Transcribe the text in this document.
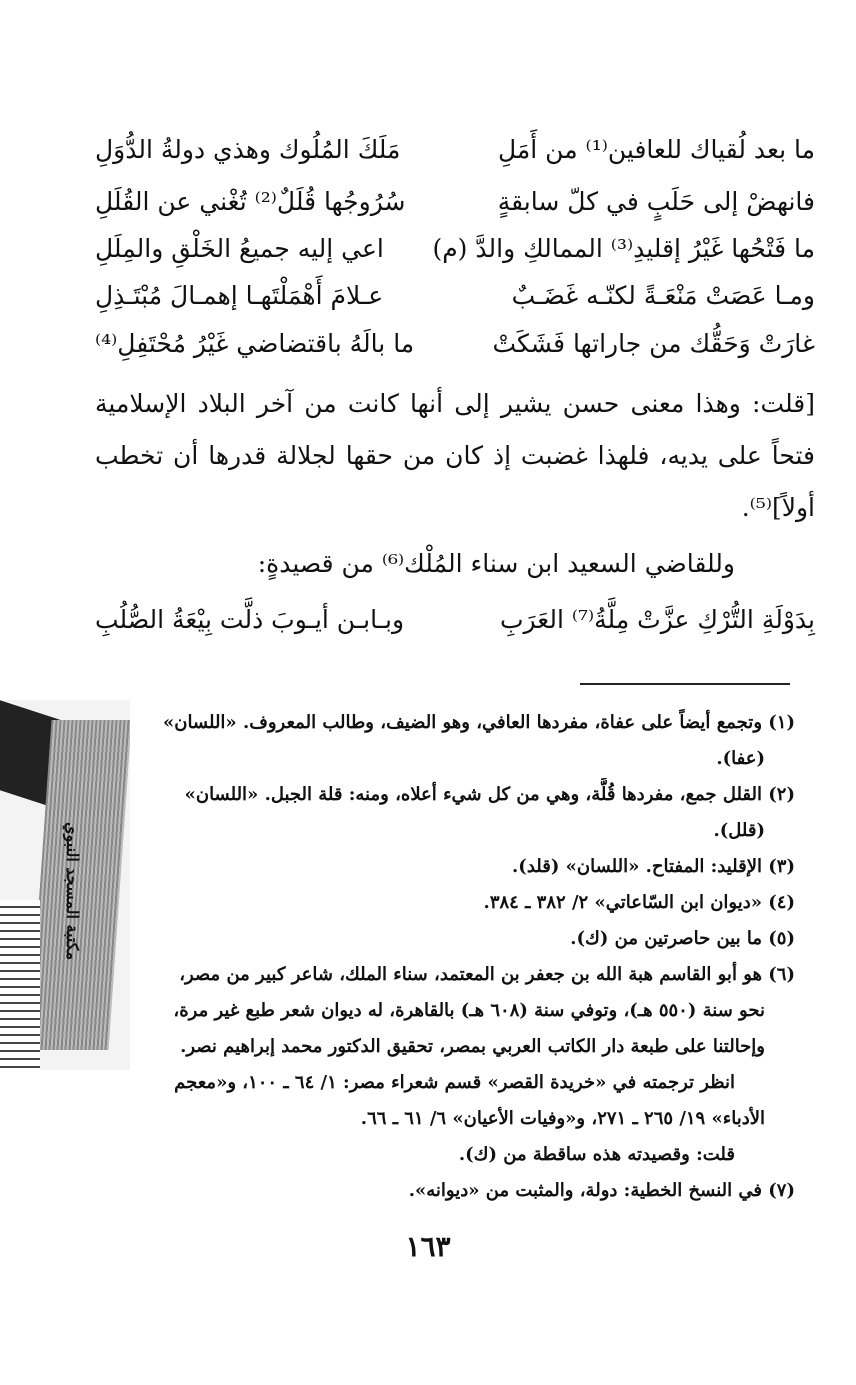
ما بعد لُقياك للعافين⁽¹⁾ من أَمَلِ
مَلَكَ المُلُوك وهذي دولةُ الدُّوَلِ
فانهضْ إلى حَلَبٍ في كلّ سابقةٍ
سُرُوجُها قُلَلٌ⁽²⁾ تُغْني عن القُلَلِ
ما فَتْحُها غَيْرُ إقليدِ⁽³⁾ الممالكِ والدَّ (م)
اعي إليه جميعُ الخَلْقِ والمِلَلِ
ومـا عَصَتْ مَنْعَـةً لكنّـه غَضَـبٌ
عـلامَ أَهْمَلْتَهـا إهمـالَ مُبْتَـذِلِ
ما بالَهُ باقتضاضي غَيْرُ مُحْتَفِلِ⁽⁴⁾	غارَتْ وَحَقُّك من جاراتها فَشَكَتْ
[قلت: وهذا معنى حسن يشير إلى أنها كانت من آخر البلاد الإسلامية فتحاً على يديه، فلهذا غضبت إذ كان من حقها لجلالة قدرها أن تخطب أولاً]⁽⁵⁾.
وللقاضي السعيد ابن سناء المُلْك⁽⁶⁾ من قصيدةٍ:
بِدَوْلَةِ التُّرْكِ عزَّتْ مِلَّةُ⁽⁷⁾ العَرَبِ
وبـابـن أيـوبَ ذلَّت بِيْعَةُ الصُّلُبِ
(١) وتجمع أيضاً على عفاة، مفردها العافي، وهو الضيف، وطالب المعروف. «اللسان»
(عفا).
(٢) القلل جمع، مفردها قُلَّة، وهي من كل شيء أعلاه، ومنه: قلة الجبل. «اللسان»
(قلل).
(٣) الإقليد: المفتاح. «اللسان» (قلد).
(٤) «ديوان ابن السّاعاتي» ٢/ ٣٨٢ ـ ٣٨٤.
(٥) ما بين حاصرتين من (ك).
(٦) هو أبو القاسم هبة الله بن جعفر بن المعتمد، سناء الملك، شاعر كبير من مصر،
نحو سنة (٥٥٠ هـ)، وتوفي سنة (٦٠٨ هـ) بالقاهرة، له ديوان شعر طبع غير مرة،
وإحالتنا على طبعة دار الكاتب العربي بمصر، تحقيق الدكتور محمد إبراهيم نصر.
انظر ترجمته في «خريدة القصر» قسم شعراء مصر: ١/ ٦٤ ـ ١٠٠، و«معجم
الأدباء» ١٩/ ٢٦٥ ـ ٢٧١، و«وفيات الأعيان» ٦/ ٦١ ـ ٦٦.
قلت: وقصيدته هذه ساقطة من (ك).
(٧) في النسخ الخطية: دولة، والمثبت من «ديوانه».
١٦٣
مكتبة المسجد النبوي
